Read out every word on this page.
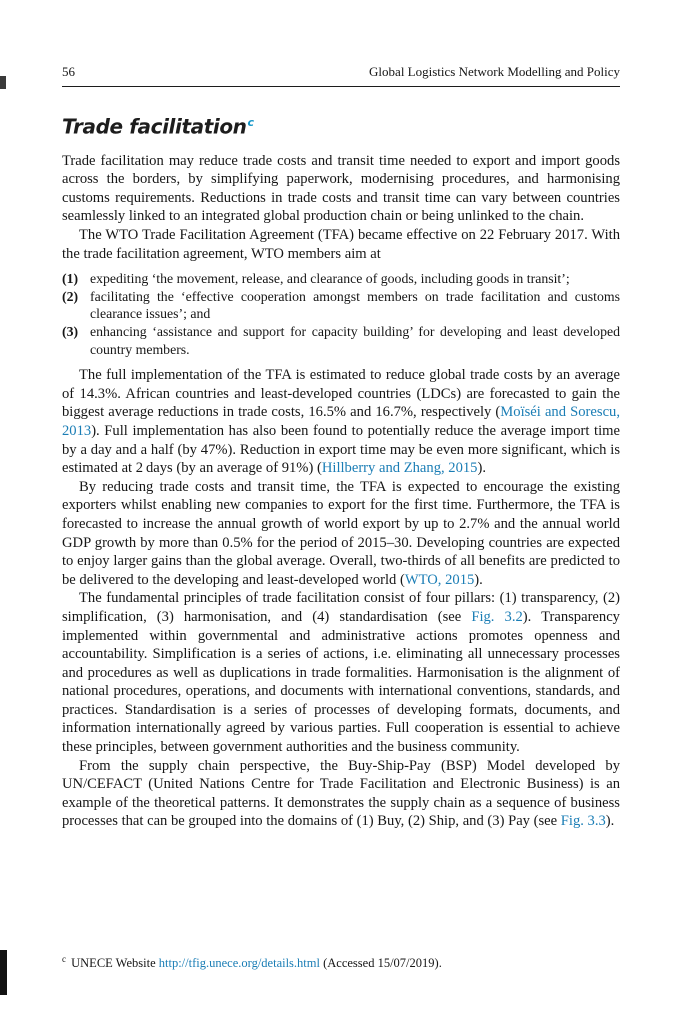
56	Global Logistics Network Modelling and Policy
Trade facilitation$^c$

Trade facilitation may reduce trade costs and transit time needed to export and import goods across the borders, by simplifying paperwork, modernising procedures, and harmonising customs requirements. Reductions in trade costs and transit time can vary between countries seamlessly linked to an integrated global production chain or being unlinked to the chain.

The WTO Trade Facilitation Agreement (TFA) became effective on 22 February 2017. With the trade facilitation agreement, WTO members aim at

(1) expediting ‘the movement, release, and clearance of goods, including goods in transit’;
(2) facilitating the ‘effective cooperation amongst members on trade facilitation and customs clearance issues’; and
(3) enhancing ‘assistance and support for capacity building’ for developing and least developed country members.

The full implementation of the TFA is estimated to reduce global trade costs by an average of 14.3%. African countries and least-developed countries (LDCs) are forecasted to gain the biggest average reductions in trade costs, 16.5% and 16.7%, respectively (Moïséi and Sorescu, 2013). Full implementation has also been found to potentially reduce the average import time by a day and a half (by 47%). Reduction in export time may be even more significant, which is estimated at 2 days (by an average of 91%) (Hillberry and Zhang, 2015).

By reducing trade costs and transit time, the TFA is expected to encourage the existing exporters whilst enabling new companies to export for the first time. Furthermore, the TFA is forecasted to increase the annual growth of world export by up to 2.7% and the annual world GDP growth by more than 0.5% for the period of 2015–30. Developing countries are expected to enjoy larger gains than the global average. Overall, two-thirds of all benefits are predicted to be delivered to the developing and least-developed world (WTO, 2015).

The fundamental principles of trade facilitation consist of four pillars: (1) transparency, (2) simplification, (3) harmonisation, and (4) standardisation (see Fig. 3.2). Transparency implemented within governmental and administrative actions promotes openness and accountability. Simplification is a series of actions, i.e. eliminating all unnecessary processes and procedures as well as duplications in trade formalities. Harmonisation is the alignment of national procedures, operations, and documents with international conventions, standards, and practices. Standardisation is a series of processes of developing formats, documents, and information internationally agreed by various parties. Full cooperation is essential to achieve these principles, between government authorities and the business community.

From the supply chain perspective, the Buy-Ship-Pay (BSP) Model developed by UN/CEFACT (United Nations Centre for Trade Facilitation and Electronic Business) is an example of the theoretical patterns. It demonstrates the supply chain as a sequence of business processes that can be grouped into the domains of (1) Buy, (2) Ship, and (3) Pay (see Fig. 3.3).

$^c$ UNECE Website http://tfig.unece.org/details.html (Accessed 15/07/2019).
